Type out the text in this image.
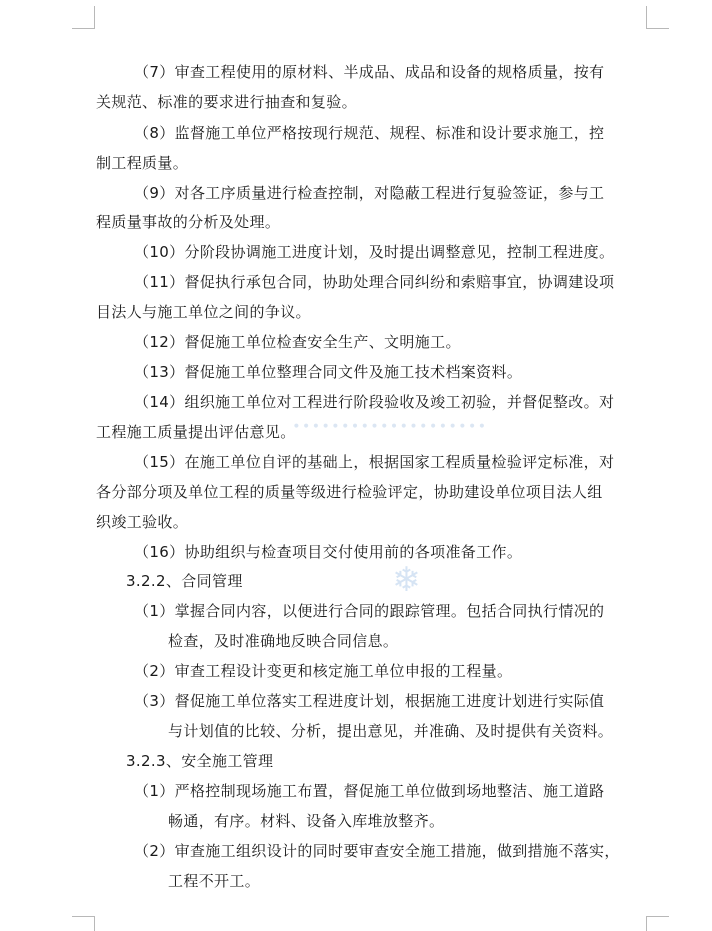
∙∙∙∙∙∙∙∙∙∙∙∙∙∙∙∙∙∙∙∙
❄
（7）审查工程使用的原材料、半成品、成品和设备的规格质量，按有
关规范、标准的要求进行抽查和复验。
（8）监督施工单位严格按现行规范、规程、标准和设计要求施工，控
制工程质量。
（9）对各工序质量进行检查控制，对隐蔽工程进行复验签证，参与工
程质量事故的分析及处理。
（10）分阶段协调施工进度计划，及时提出调整意见，控制工程进度。
（11）督促执行承包合同，协助处理合同纠纷和索赔事宜，协调建设项
目法人与施工单位之间的争议。
（12）督促施工单位检查安全生产、文明施工。
（13）督促施工单位整理合同文件及施工技术档案资料。
（14）组织施工单位对工程进行阶段验收及竣工初验，并督促整改。对
工程施工质量提出评估意见。
（15）在施工单位自评的基础上，根据国家工程质量检验评定标准，对
各分部分项及单位工程的质量等级进行检验评定，协助建设单位项目法人组
织竣工验收。
（16）协助组织与检查项目交付使用前的各项准备工作。
3.2.2、合同管理
（1）掌握合同内容，以便进行合同的跟踪管理。包括合同执行情况的
检查，及时准确地反映合同信息。
（2）审查工程设计变更和核定施工单位申报的工程量。
（3）督促施工单位落实工程进度计划，根据施工进度计划进行实际值
与计划值的比较、分析，提出意见，并准确、及时提供有关资料。
3.2.3、安全施工管理
（1）严格控制现场施工布置，督促施工单位做到场地整洁、施工道路
畅通，有序。材料、设备入库堆放整齐。
（2）审查施工组织设计的同时要审查安全施工措施，做到措施不落实，
工程不开工。
